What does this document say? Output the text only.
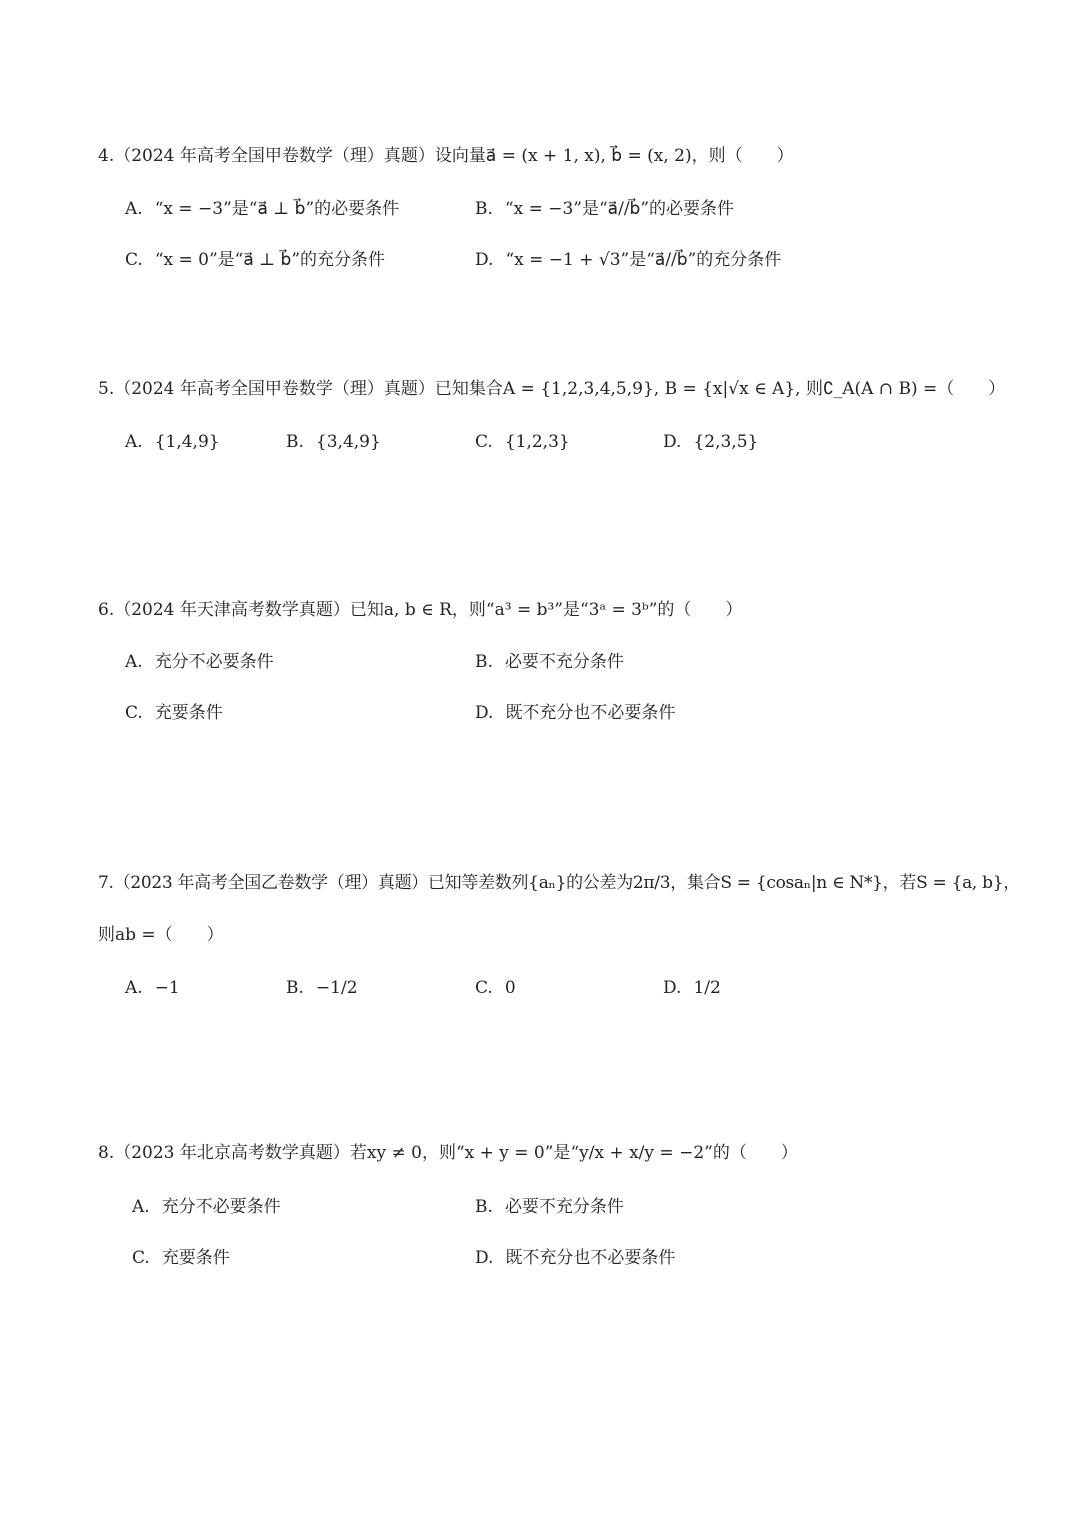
4.（2024 年高考全国甲卷数学（理）真题）设向量a⃗ = (x + 1, x), b⃗ = (x, 2)，则（　　）
A. “x = −3”是“a⃗ ⊥ b⃗”的必要条件	B. “x = −3”是“a⃗//b⃗”的必要条件
C. “x = 0”是“a⃗ ⊥ b⃗”的充分条件	D. “x = −1 + √3”是“a⃗//b⃗”的充分条件
5.（2024 年高考全国甲卷数学（理）真题）已知集合A = {1,2,3,4,5,9}, B = {x|√x ∈ A}, 则∁_A(A ∩ B) =（　　）
A. {1,4,9}	B. {3,4,9}	C. {1,2,3}	D. {2,3,5}
6.（2024 年天津高考数学真题）已知a, b ∈ R，则“a³ = b³”是“3ᵃ = 3ᵇ”的（　　）
A. 充分不必要条件	B. 必要不充分条件
C. 充要条件	D. 既不充分也不必要条件
7.（2023 年高考全国乙卷数学（理）真题）已知等差数列{aₙ}的公差为2π/3，集合S = {cosaₙ|n ∈ N*}，若S = {a, b}，
则ab =（　　）
A. −1	B. −1/2	C. 0	D. 1/2
8.（2023 年北京高考数学真题）若xy ≠ 0，则“x + y = 0”是“y/x + x/y = −2”的（　　）
A. 充分不必要条件	B. 必要不充分条件
C. 充要条件	D. 既不充分也不必要条件
